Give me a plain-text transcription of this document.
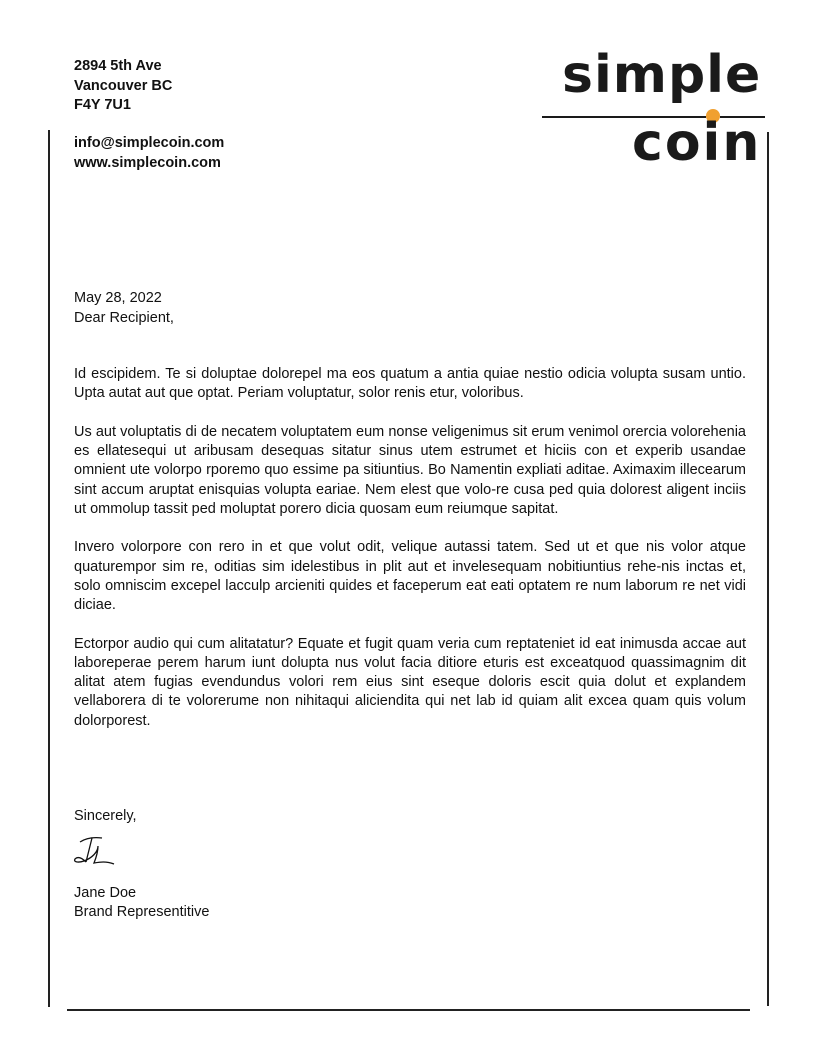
2894 5th Ave
Vancouver BC
F4Y 7U1
info@simplecoin.com
www.simplecoin.com
simple
coin
May 28, 2022
Dear Recipient,

Id escipidem. Te si doluptae dolorepel ma eos quatum a antia quiae nestio odicia volupta susam untio. Upta autat aut que optat. Periam voluptatur, solor renis etur, voloribus.

Us aut voluptatis di de necatem voluptatem eum nonse veligenimus sit erum venimol orercia volorehenia es ellatesequi ut aribusam desequas sitatur sinus utem estrumet et hiciis con et experib usandae omnient ute volorpo rporemo quo essime pa sitiuntius. Bo Namentin expliati aditae. Aximaxim illecearum sint accum aruptat enisquias volupta eariae. Nem elest que volo-re cusa ped quia dolorest aligent inciis ut ommolup tassit ped moluptat porero dicia quosam eum reiumque sapitat.

Invero volorpore con rero in et que volut odit, velique autassi tatem. Sed ut et que nis volor atque quaturempor sim re, oditias sim idelestibus in plit aut et invelesequam nobitiuntius rehe-nis inctas et, solo omniscim excepel lacculp arcieniti quides et faceperum eat eati optatem re num laborum re net vidi diciae.

Ectorpor audio qui cum alitatatur? Equate et fugit quam veria cum reptateniet id eat inimusda accae aut laboreperae perem harum iunt dolupta nus volut facia ditiore eturis est exceatquod quassimagnim dit alitat atem fugias evendundus volori rem eius sint eseque doloris escit quia dolut et explandem vellaborera di te volorerume non nihitaqui aliciendita qui net lab id quiam alit excea quam quis volum dolorporest.

Sincerely,
Jane Doe
Brand Representitive
